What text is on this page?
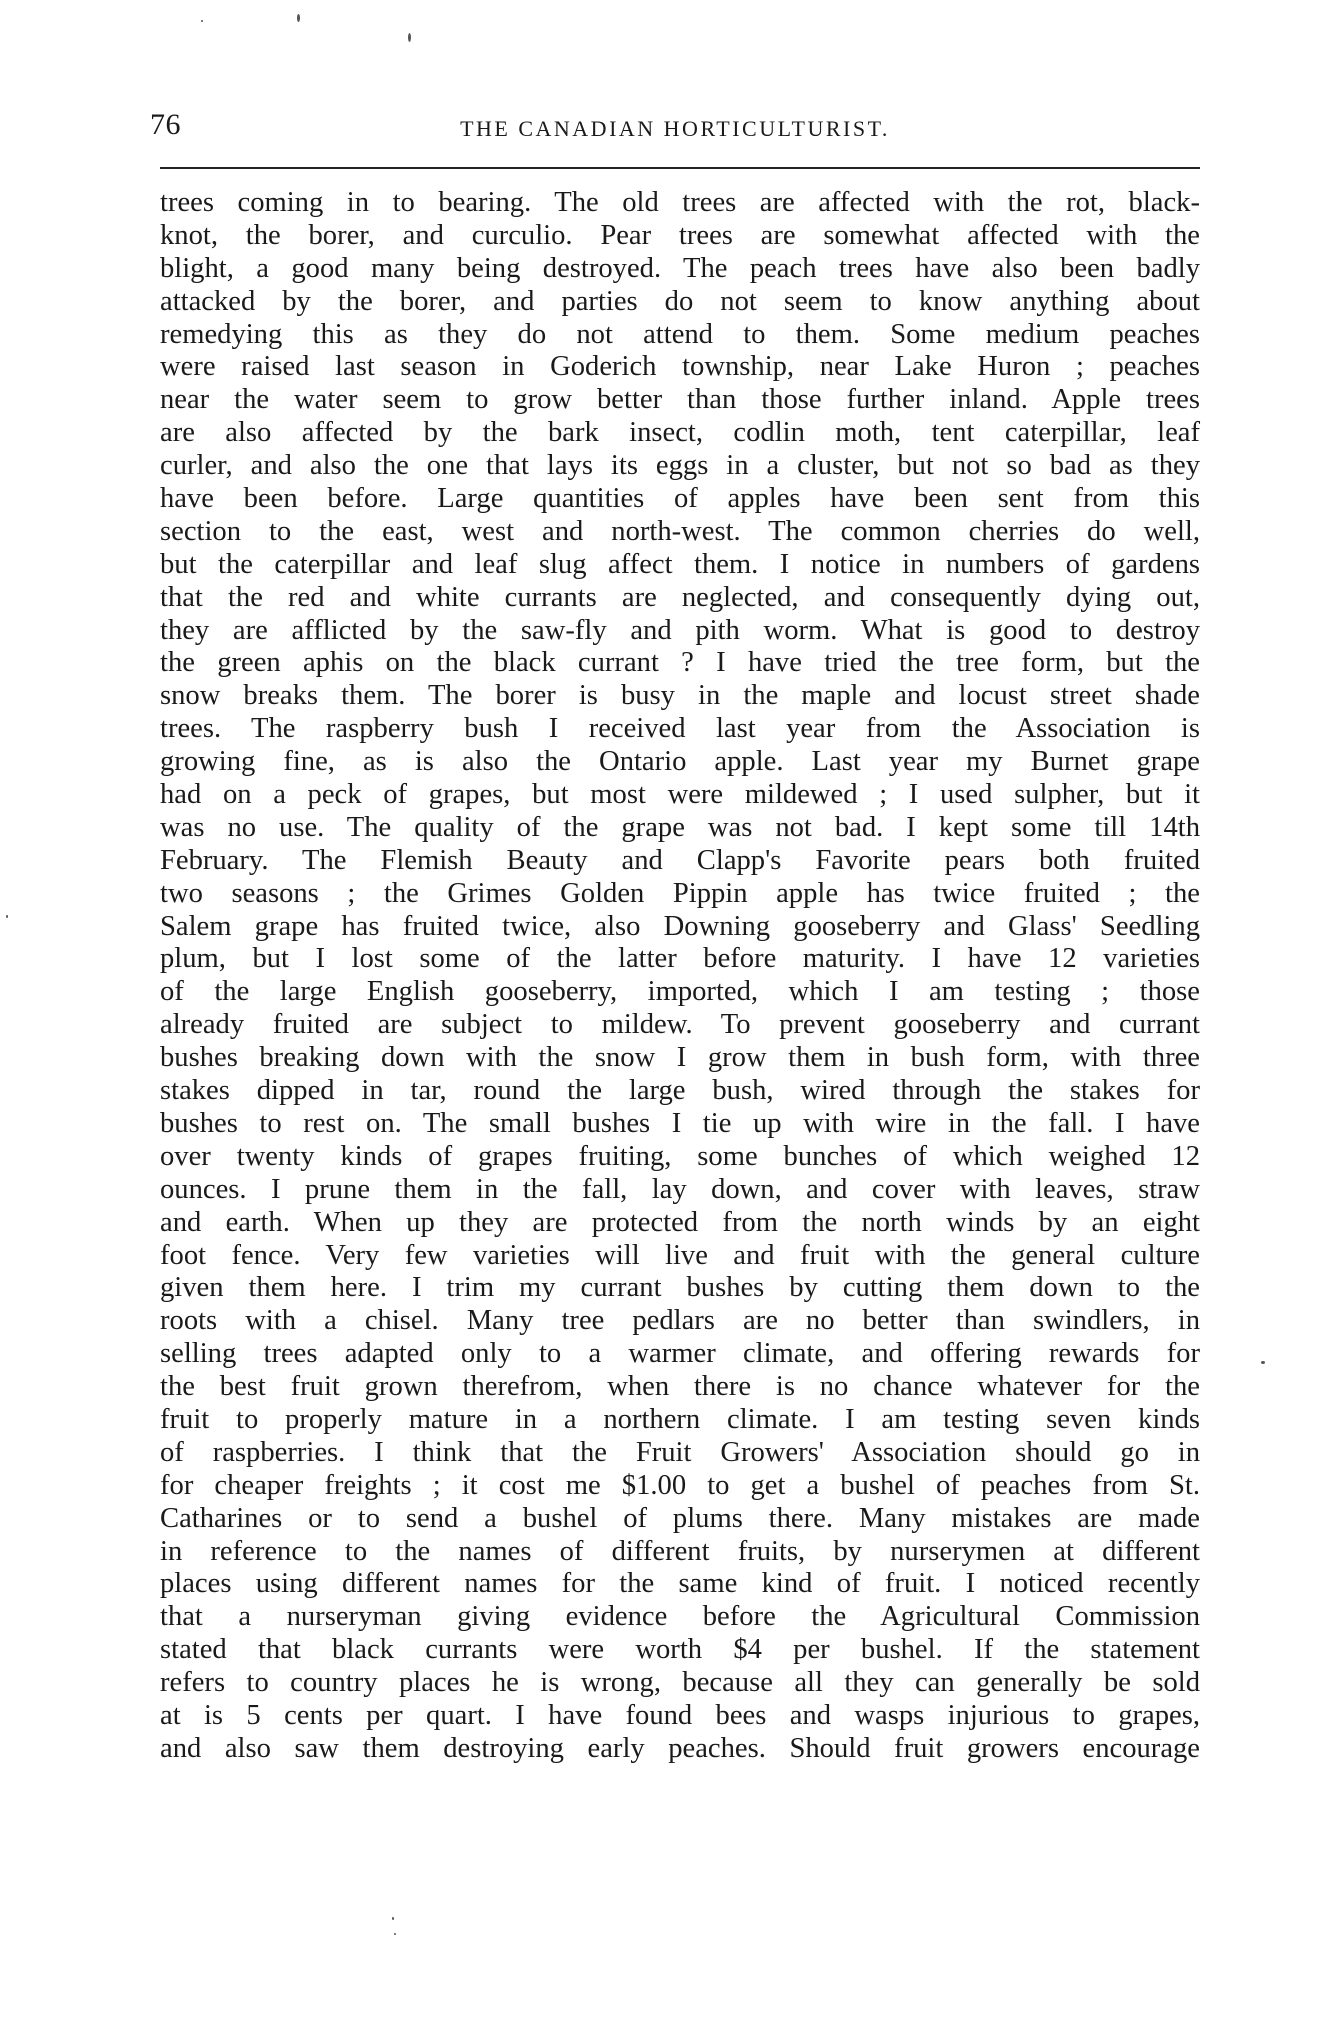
76	THE CANADIAN HORTICULTURIST.
trees coming in to bearing. The old trees are affected with the rot, black-
knot, the borer, and curculio. Pear trees are somewhat affected with the
blight, a good many being destroyed. The peach trees have also been badly
attacked by the borer, and parties do not seem to know anything about
remedying this as they do not attend to them. Some medium peaches
were raised last season in Goderich township, near Lake Huron ; peaches
near the water seem to grow better than those further inland. Apple trees
are also affected by the bark insect, codlin moth, tent caterpillar, leaf
curler, and also the one that lays its eggs in a cluster, but not so bad as they
have been before. Large quantities of apples have been sent from this
section to the east, west and north-west. The common cherries do well,
but the caterpillar and leaf slug affect them. I notice in numbers of gardens
that the red and white currants are neglected, and consequently dying out,
they are afflicted by the saw-fly and pith worm. What is good to destroy
the green aphis on the black currant ? I have tried the tree form, but the
snow breaks them. The borer is busy in the maple and locust street shade
trees. The raspberry bush I received last year from the Association is
growing fine, as is also the Ontario apple. Last year my Burnet grape
had on a peck of grapes, but most were mildewed ; I used sulpher, but it
was no use. The quality of the grape was not bad. I kept some till 14th
February. The Flemish Beauty and Clapp's Favorite pears both fruited
two seasons ; the Grimes Golden Pippin apple has twice fruited ; the
Salem grape has fruited twice, also Downing gooseberry and Glass' Seedling
plum, but I lost some of the latter before maturity. I have 12 varieties
of the large English gooseberry, imported, which I am testing ; those
already fruited are subject to mildew. To prevent gooseberry and currant
bushes breaking down with the snow I grow them in bush form, with three
stakes dipped in tar, round the large bush, wired through the stakes for
bushes to rest on. The small bushes I tie up with wire in the fall. I have
over twenty kinds of grapes fruiting, some bunches of which weighed 12
ounces. I prune them in the fall, lay down, and cover with leaves, straw
and earth. When up they are protected from the north winds by an eight
foot fence. Very few varieties will live and fruit with the general culture
given them here. I trim my currant bushes by cutting them down to the
roots with a chisel. Many tree pedlars are no better than swindlers, in
selling trees adapted only to a warmer climate, and offering rewards for
the best fruit grown therefrom, when there is no chance whatever for the
fruit to properly mature in a northern climate. I am testing seven kinds
of raspberries. I think that the Fruit Growers' Association should go in
for cheaper freights ; it cost me $1.00 to get a bushel of peaches from St.
Catharines or to send a bushel of plums there. Many mistakes are made
in reference to the names of different fruits, by nurserymen at different
places using different names for the same kind of fruit. I noticed recently
that a nurseryman giving evidence before the Agricultural Commission
stated that black currants were worth $4 per bushel. If the statement
refers to country places he is wrong, because all they can generally be sold
at is 5 cents per quart. I have found bees and wasps injurious to grapes,
and also saw them destroying early peaches. Should fruit growers encourage
